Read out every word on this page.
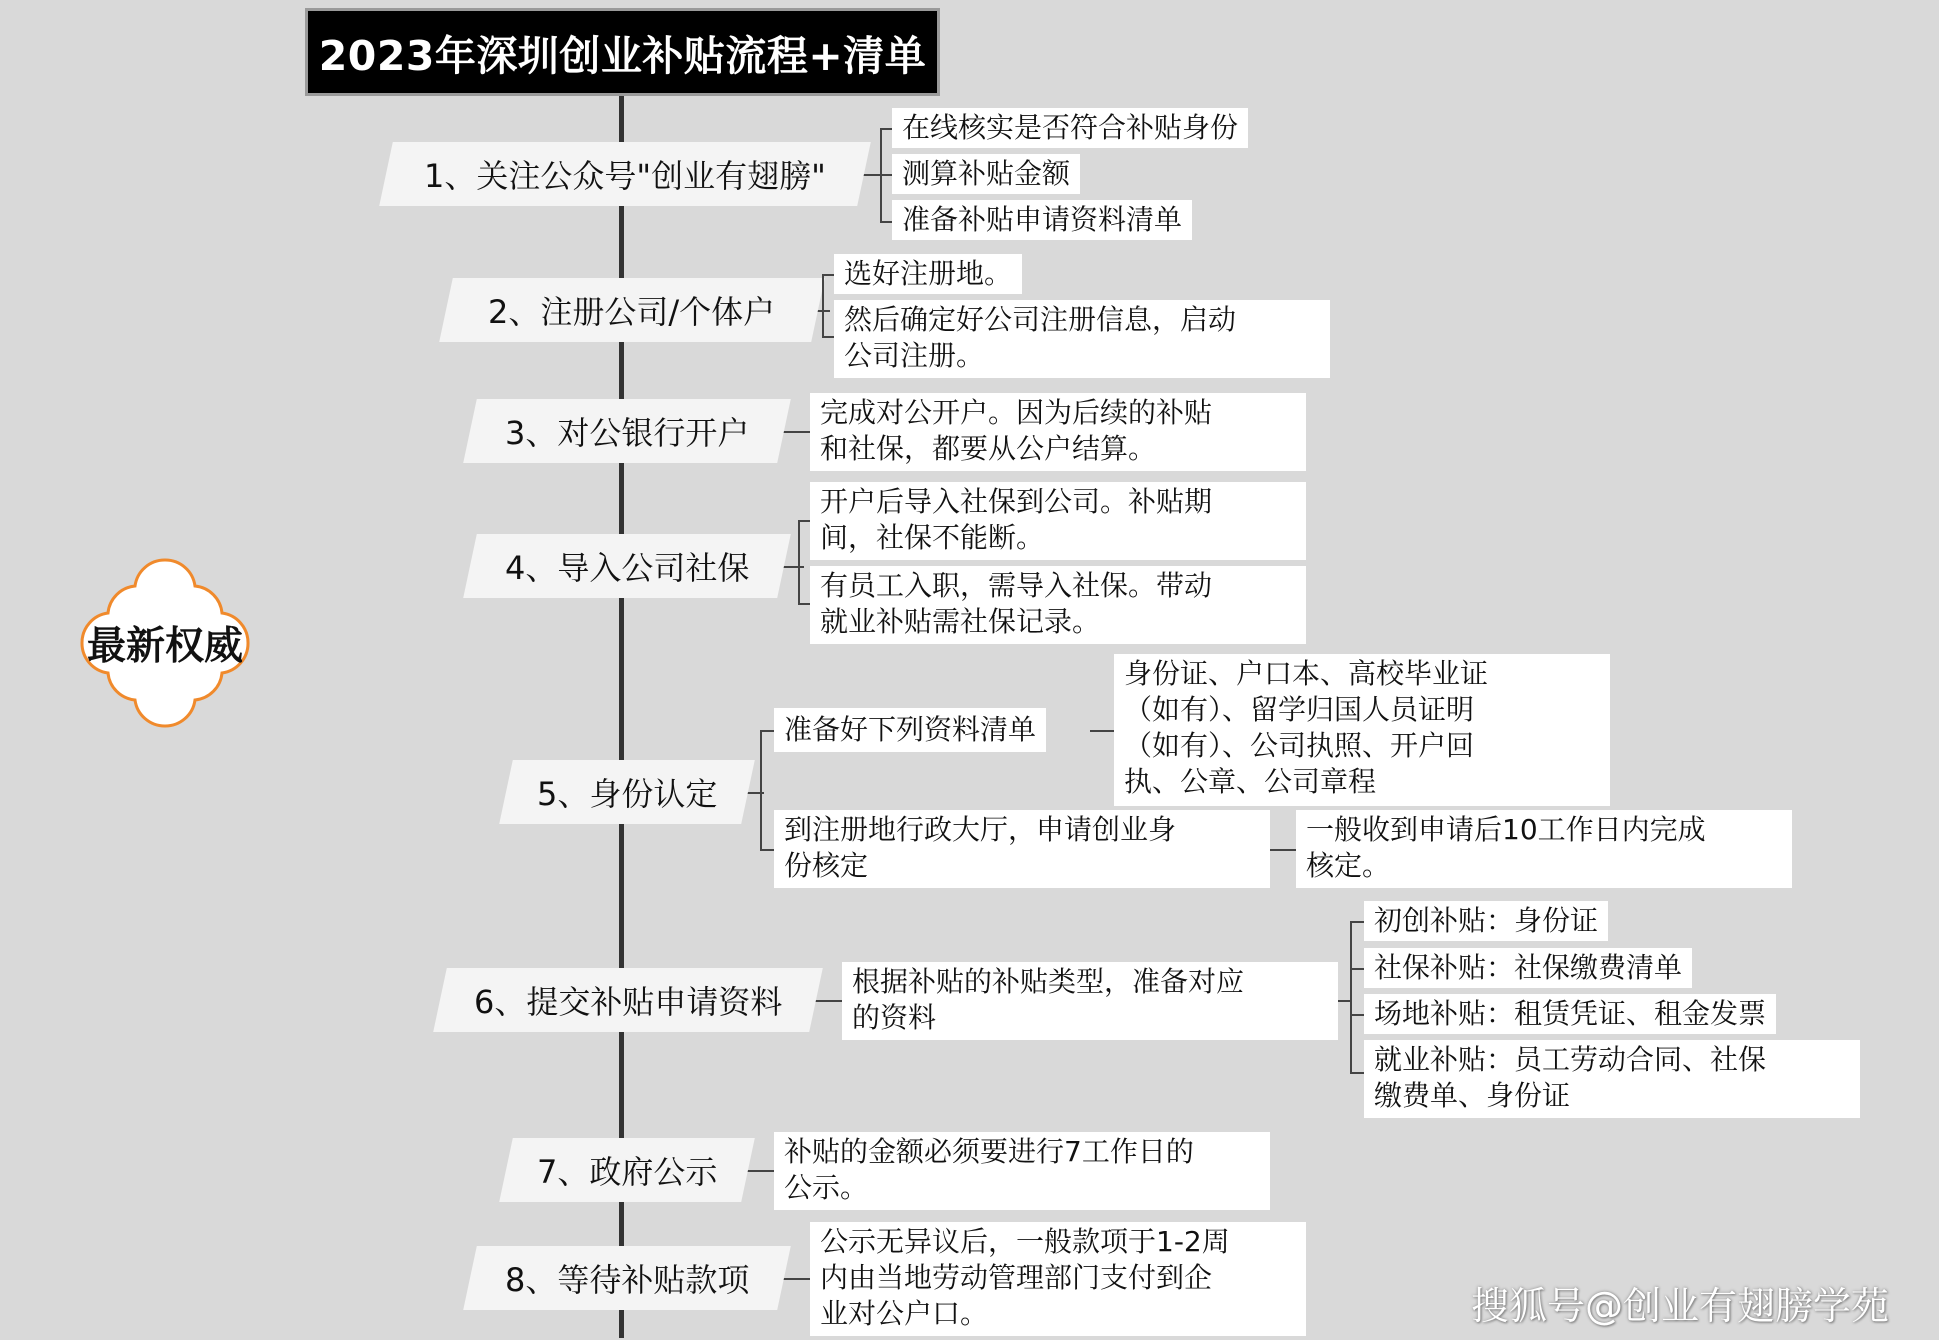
2023年深圳创业补贴流程+清单
最新权威
1、关注公众号"创业有翅膀"
在线核实是否符合补贴身份
测算补贴金额
准备补贴申请资料清单
2、注册公司/个体户
选好注册地。
然后确定好公司注册信息，启动
公司注册。
3、对公银行开户
完成对公开户。因为后续的补贴
和社保，都要从公户结算。
4、导入公司社保
开户后导入社保到公司。补贴期
间，社保不能断。
有员工入职，需导入社保。带动
就业补贴需社保记录。
5、身份认定
准备好下列资料清单
身份证、户口本、高校毕业证
（如有）、留学归国人员证明
（如有）、公司执照、开户回
执、公章、公司章程
到注册地行政大厅，申请创业身
份核定
一般收到申请后10工作日内完成
核定。
6、提交补贴申请资料
根据补贴的补贴类型，准备对应
的资料
初创补贴：身份证
社保补贴：社保缴费清单
场地补贴：租赁凭证、租金发票
就业补贴：员工劳动合同、社保
缴费单、身份证
7、政府公示
补贴的金额必须要进行7工作日的
公示。
8、等待补贴款项
公示无异议后，一般款项于1-2周
内由当地劳动管理部门支付到企
业对公户口。	搜狐号@创业有翅膀学苑
